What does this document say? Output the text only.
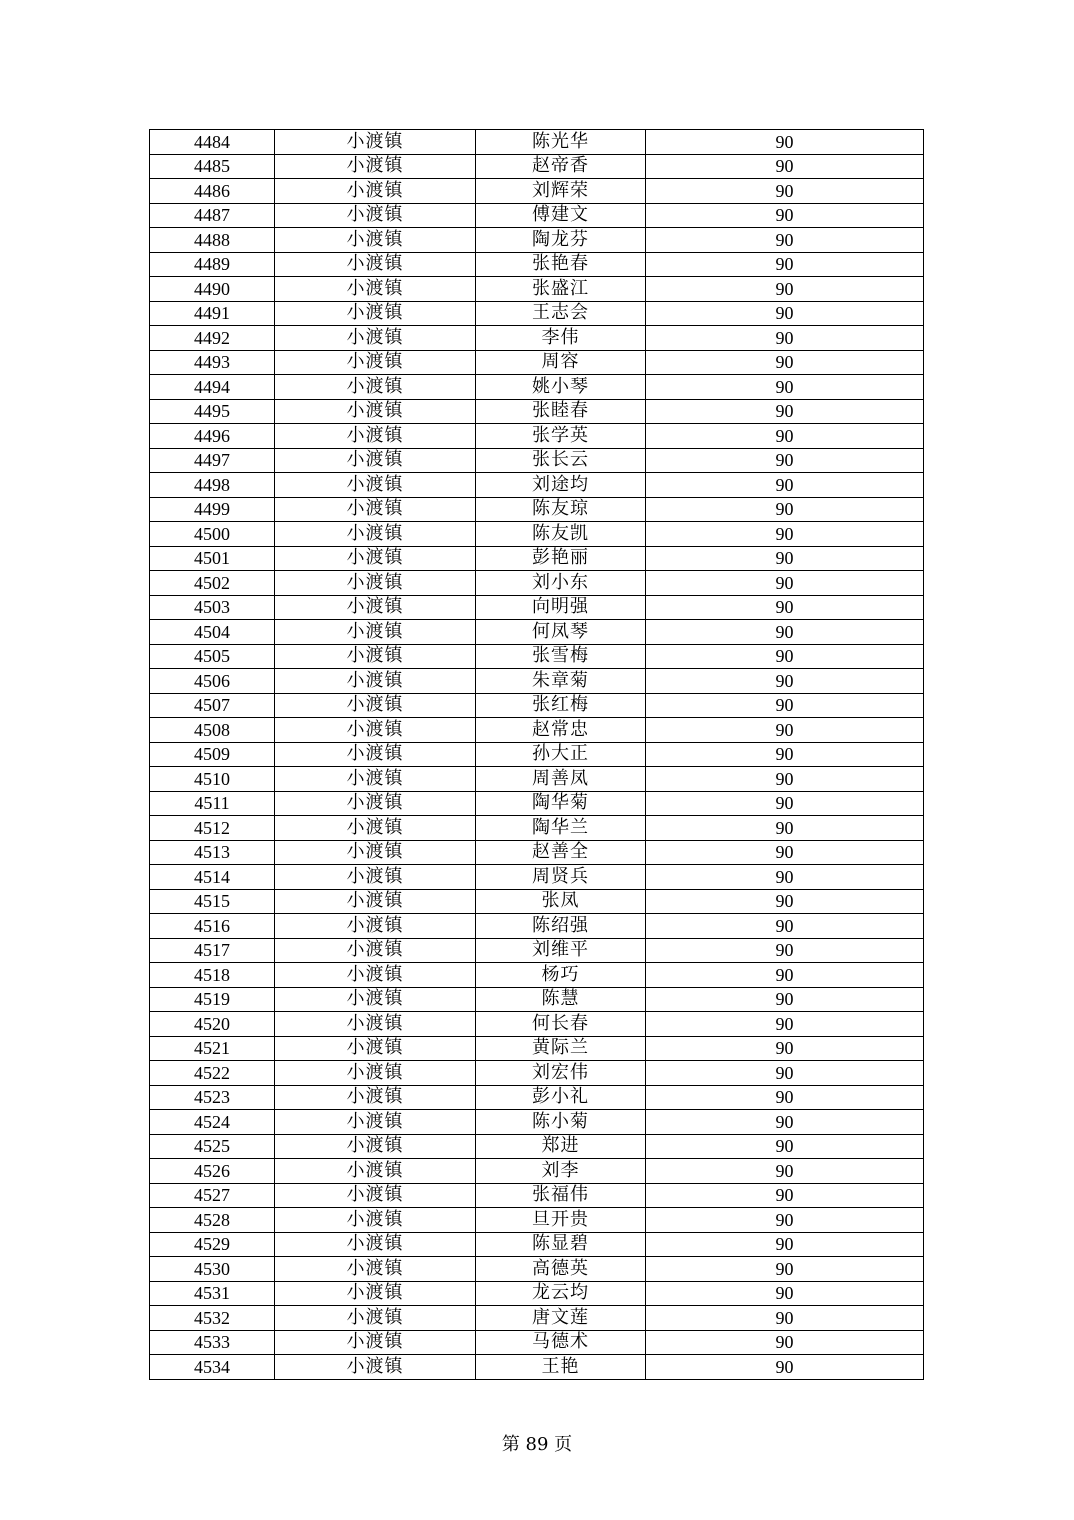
4484	小渡镇	陈光华	90
4485	小渡镇	赵帝香	90
4486	小渡镇	刘辉荣	90
4487	小渡镇	傅建文	90
4488	小渡镇	陶龙芬	90
4489	小渡镇	张艳春	90
4490	小渡镇	张盛江	90
4491	小渡镇	王志会	90
4492	小渡镇	李伟	90
4493	小渡镇	周容	90
4494	小渡镇	姚小琴	90
4495	小渡镇	张睦春	90
4496	小渡镇	张学英	90
4497	小渡镇	张长云	90
4498	小渡镇	刘途均	90
4499	小渡镇	陈友琼	90
4500	小渡镇	陈友凯	90
4501	小渡镇	彭艳丽	90
4502	小渡镇	刘小东	90
4503	小渡镇	向明强	90
4504	小渡镇	何凤琴	90
4505	小渡镇	张雪梅	90
4506	小渡镇	朱章菊	90
4507	小渡镇	张红梅	90
4508	小渡镇	赵常忠	90
4509	小渡镇	孙大正	90
4510	小渡镇	周善凤	90
4511	小渡镇	陶华菊	90
4512	小渡镇	陶华兰	90
4513	小渡镇	赵善全	90
4514	小渡镇	周贤兵	90
4515	小渡镇	张凤	90
4516	小渡镇	陈绍强	90
4517	小渡镇	刘维平	90
4518	小渡镇	杨巧	90
4519	小渡镇	陈慧	90
4520	小渡镇	何长春	90
4521	小渡镇	黄际兰	90
4522	小渡镇	刘宏伟	90
4523	小渡镇	彭小礼	90
4524	小渡镇	陈小菊	90
4525	小渡镇	郑进	90
4526	小渡镇	刘李	90
4527	小渡镇	张福伟	90
4528	小渡镇	旦开贵	90
4529	小渡镇	陈显碧	90
4530	小渡镇	高德英	90
4531	小渡镇	龙云均	90
4532	小渡镇	唐文莲	90
4533	小渡镇	马德术	90
4534	小渡镇	王艳	90
第 89 页
